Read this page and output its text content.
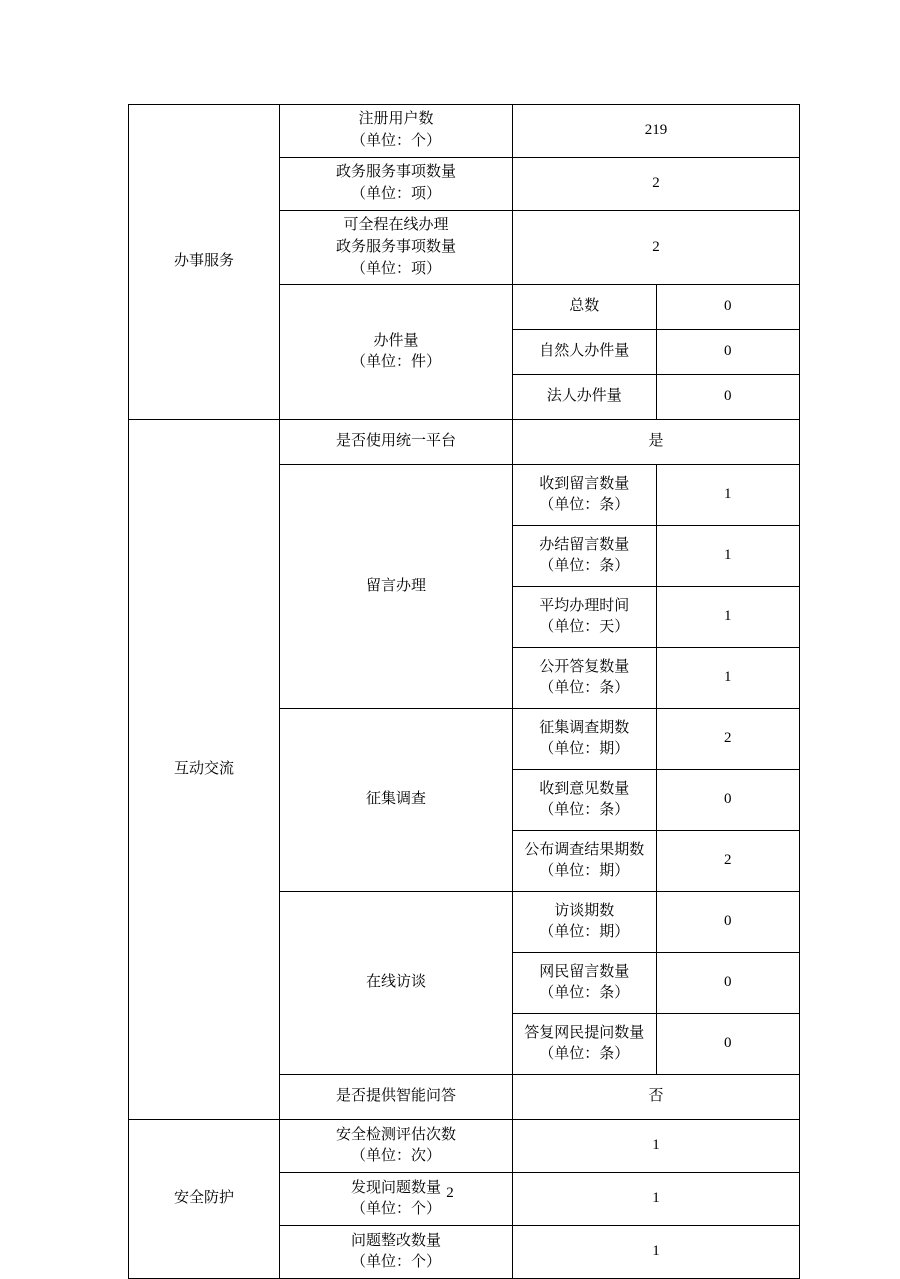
办事服务	注册用户数
（单位：个）	219	

	政务服务事项数量
（单位：项）	2	

	可全程在线办理
政务服务事项数量
（单位：项）	2	

	办件量
（单位：件）	总数	0
		自然人办件量	0
		法人办件量	0
互动交流	是否使用统一平台	是	
	留言办理	收到留言数量
（单位：条）	1

		办结留言数量
（单位：条）	1

		平均办理时间
（单位：天）	1

		公开答复数量
（单位：条）	1
	征集调查	征集调查期数
（单位：期）	2

		收到意见数量
（单位：条）	0

		公布调查结果期数
（单位：期）	2
	在线访谈	访谈期数
（单位：期）	0

		网民留言数量
（单位：条）	0

		答复网民提问数量
（单位：条）	0
	是否提供智能问答	否	
安全防护	安全检测评估次数
（单位：次）	1	

	发现问题数量
（单位：个）	1	

	问题整改数量
（单位：个）	1	
2
